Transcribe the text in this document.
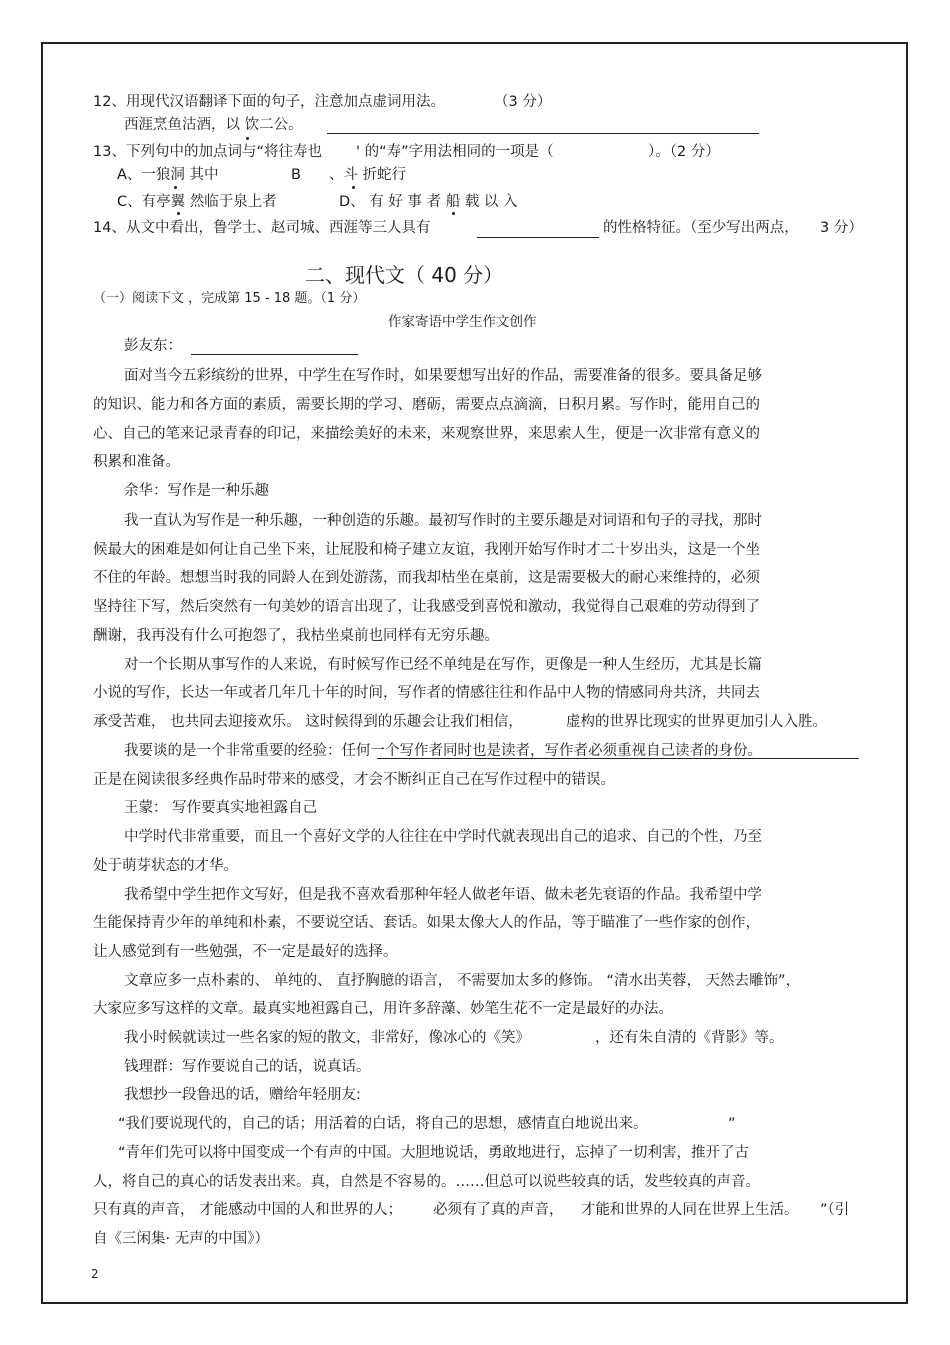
12、用现代汉语翻译下面的句子，注意加点虚词用法。	（3 分）
西涯烹鱼沽酒，以 饮二公。
13、下列句中的加点词与“将往寿也 ' 的“寿”字用法相同的一项是（	）。（2 分）
A、一狼洞 其中	B 、斗 折蛇行
C、有亭翼 然临于泉上者	D、 有 好 事 者 船 载 以 入
14、从文中看出，鲁学士、赵司城、西涯等三人具有	的性格特征。（至少写出两点， 3 分）
二、现代文（ 40 分）
（一）阅读下文 ，完成第 15 - 18 题。（1 分）
作家寄语中学生作文创作
彭友东：
面对当今五彩缤纷的世界，中学生在写作时，如果要想写出好的作品，需要准备的很多。要具备足够
的知识、能力和各方面的素质，需要长期的学习、磨砺，需要点点滴滴，日积月累。写作时，能用自己的
心、自己的笔来记录青春的印记，来描绘美好的未来，来观察世界，来思索人生，便是一次非常有意义的
积累和准备。
余华：写作是一种乐趣
我一直认为写作是一种乐趣，一种创造的乐趣。最初写作时的主要乐趣是对词语和句子的寻找，那时
候最大的困难是如何让自己坐下来，让屁股和椅子建立友谊，我刚开始写作时才二十岁出头，这是一个坐
不住的年龄。想想当时我的同龄人在到处游荡，而我却枯坐在桌前，这是需要极大的耐心来维持的，必须
坚持往下写，然后突然有一句美妙的语言出现了，让我感受到喜悦和激动，我觉得自己艰难的劳动得到了
酬谢，我再没有什么可抱怨了，我枯坐桌前也同样有无穷乐趣。
对一个长期从事写作的人来说，有时候写作已经不单纯是在写作，更像是一种人生经历，尤其是长篇
小说的写作，长达一年或者几年几十年的时间，写作者的情感往往和作品中人物的情感同舟共济，共同去
承受苦难， 也共同去迎接欢乐。 这时候得到的乐趣会让我们相信，	虚构的世界比现实的世界更加引人入胜。
我要谈的是一个非常重要的经验：任何一个写作者同时也是读者，写作者必须重视自己读者的身份。
正是在阅读很多经典作品时带来的感受，才会不断纠正自己在写作过程中的错误。
王蒙： 写作要真实地袒露自己
中学时代非常重要，而且一个喜好文学的人往往在中学时代就表现出自己的追求、自己的个性，乃至
处于萌芽状态的才华。
我希望中学生把作文写好，但是我不喜欢看那种年轻人做老年语、做未老先衰语的作品。我希望中学
生能保持青少年的单纯和朴素，不要说空话、套话。如果太像大人的作品，等于瞄准了一些作家的创作，
让人感觉到有一些勉强，不一定是最好的选择。
文章应多一点朴素的、 单纯的、 直抒胸臆的语言， 不需要加太多的修饰。 “清水出芙蓉， 天然去雕饰”，
大家应多写这样的文章。最真实地袒露自己，用许多辞藻、妙笔生花不一定是最好的办法。
我小时候就读过一些名家的短的散文，非常好，像冰心的《笑》	，还有朱自清的《背影》等。
钱理群：写作要说自己的话，说真话。
我想抄一段鲁迅的话，赠给年轻朋友:
“我们要说现代的，自己的话；用活着的白话，将自己的思想，感情直白地说出来。	”
“青年们先可以将中国变成一个有声的中国。大胆地说话，勇敢地进行，忘掉了一切利害，推开了古
人，将自己的真心的话发表出来。真，自然是不容易的。……但总可以说些较真的话，发些较真的声音。
只有真的声音， 才能感动中国的人和世界的人； 必须有了真的声音， 才能和世界的人同在世界上生活。 ”（引
自《三闲集· 无声的中国》）
2
